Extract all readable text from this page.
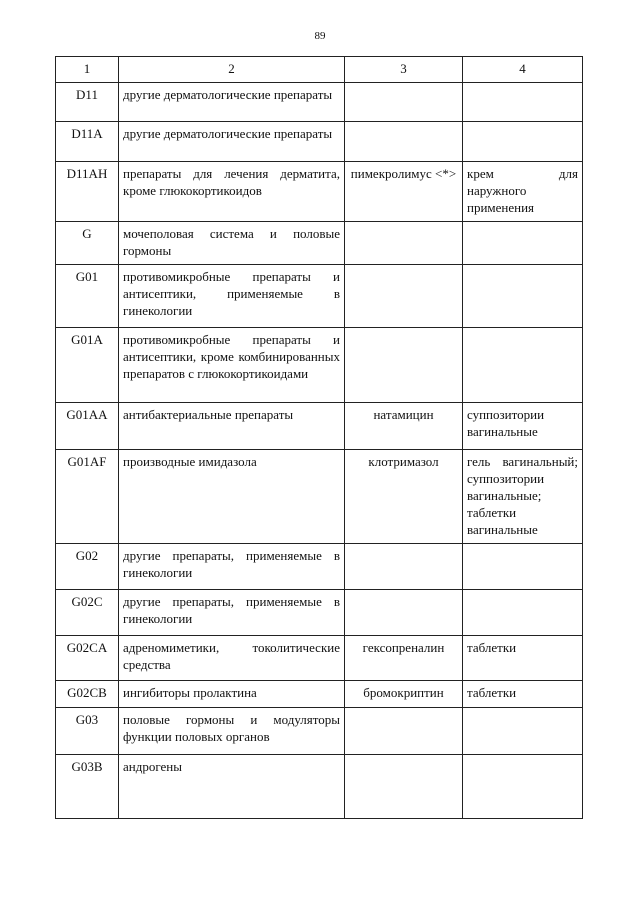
89
1	2	3	4
D11	другие дерматологические препараты		
D11A	другие дерматологические препараты		
D11AH	препараты для лечения дерматита, кроме глюкокортикоидов	пимекролимус <*>	крем для наружного применения
G	мочеполовая система и половые гормоны		
G01	противомикробные препараты и антисептики, применяемые в гинекологии		
G01A	противомикробные препараты и антисептики, кроме комбинированных препаратов с глюкокортикоидами		
G01AA	антибактериальные препараты	натамицин	суппозитории вагинальные
G01AF	производные имидазола	клотримазол	гель вагинальный; суппозитории вагинальные; таблетки вагинальные
G02	другие препараты, применяемые в гинекологии		
G02C	другие препараты, применяемые в гинекологии		
G02CA	адреномиметики, токолитические средства	гексопреналин	таблетки
G02CB	ингибиторы пролактина	бромокриптин	таблетки
G03	половые гормоны и модуляторы функции половых органов		
G03B	андрогены		
